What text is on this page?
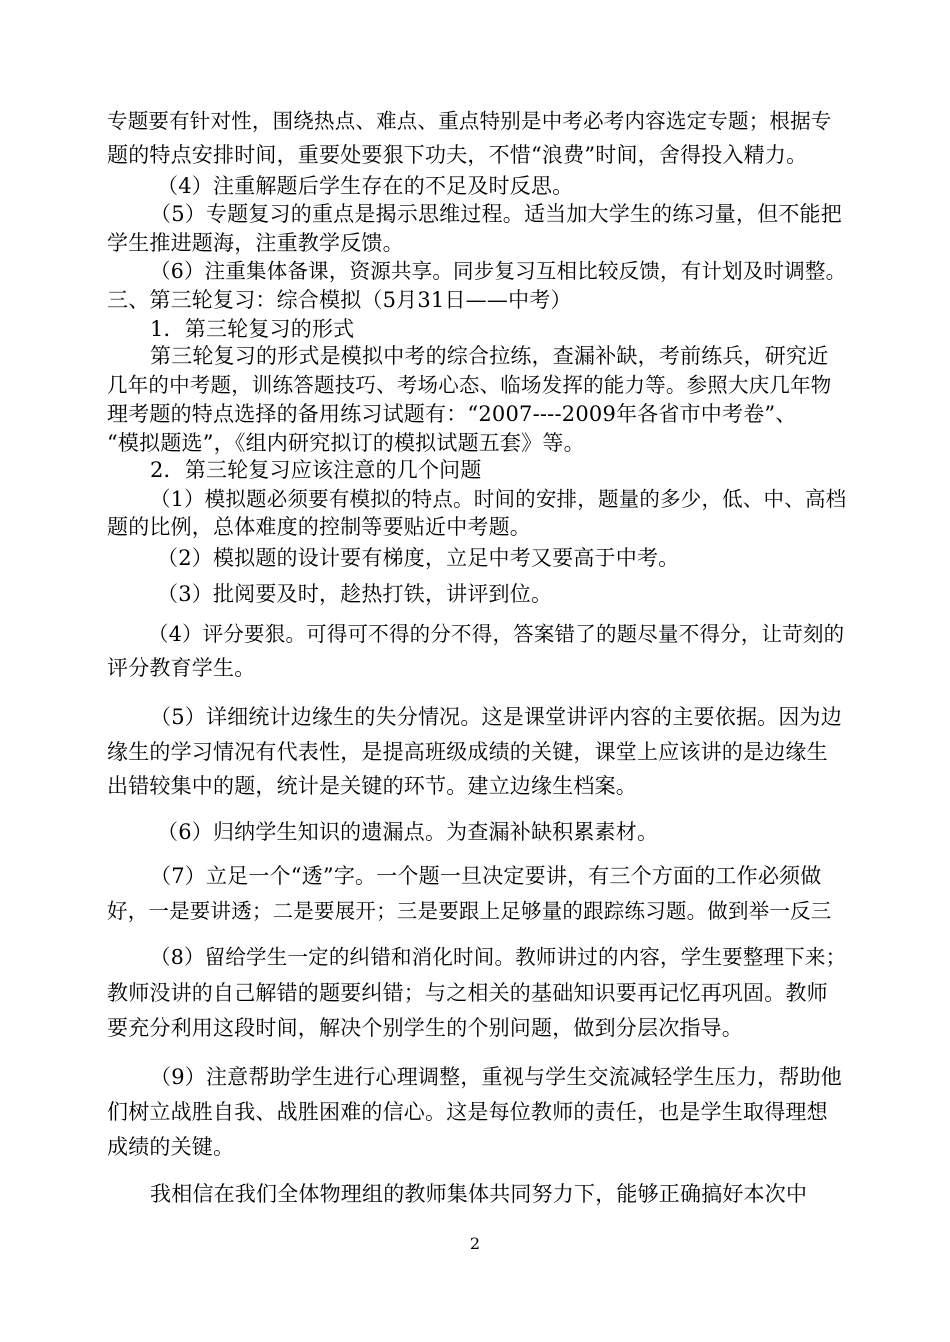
专题要有针对性，围绕热点、难点、重点特别是中考必考内容选定专题；根据专
题的特点安排时间，重要处要狠下功夫，不惜“浪费”时间，舍得投入精力。
（4）注重解题后学生存在的不足及时反思。
（5）专题复习的重点是揭示思维过程。适当加大学生的练习量，但不能把
学生推进题海，注重教学反馈。
（6）注重集体备课，资源共享。同步复习互相比较反馈，有计划及时调整。
三、第三轮复习：综合模拟（5月31日——中考）
1．第三轮复习的形式
第三轮复习的形式是模拟中考的综合拉练，查漏补缺，考前练兵，研究近
几年的中考题，训练答题技巧、考场心态、临场发挥的能力等。参照大庆几年物
理考题的特点选择的备用练习试题有：“2007----2009年各省市中考卷”、
“模拟题选”，《组内研究拟订的模拟试题五套》等。
2．第三轮复习应该注意的几个问题
（1）模拟题必须要有模拟的特点。时间的安排，题量的多少，低、中、高档
题的比例，总体难度的控制等要贴近中考题。
（2）模拟题的设计要有梯度，立足中考又要高于中考。
（3）批阅要及时，趁热打铁，讲评到位。
（4）评分要狠。可得可不得的分不得，答案错了的题尽量不得分，让苛刻的
评分教育学生。
（5）详细统计边缘生的失分情况。这是课堂讲评内容的主要依据。因为边
缘生的学习情况有代表性，是提高班级成绩的关键，课堂上应该讲的是边缘生
出错较集中的题，统计是关键的环节。建立边缘生档案。
（6）归纳学生知识的遗漏点。为查漏补缺积累素材。
（7）立足一个“透”字。一个题一旦决定要讲，有三个方面的工作必须做
好，一是要讲透；二是要展开；三是要跟上足够量的跟踪练习题。做到举一反三
（8）留给学生一定的纠错和消化时间。教师讲过的内容，学生要整理下来；
教师没讲的自己解错的题要纠错；与之相关的基础知识要再记忆再巩固。教师
要充分利用这段时间，解决个别学生的个别问题，做到分层次指导。
（9）注意帮助学生进行心理调整，重视与学生交流减轻学生压力，帮助他
们树立战胜自我、战胜困难的信心。这是每位教师的责任，也是学生取得理想
成绩的关键。
我相信在我们全体物理组的教师集体共同努力下，能够正确搞好本次中
2
